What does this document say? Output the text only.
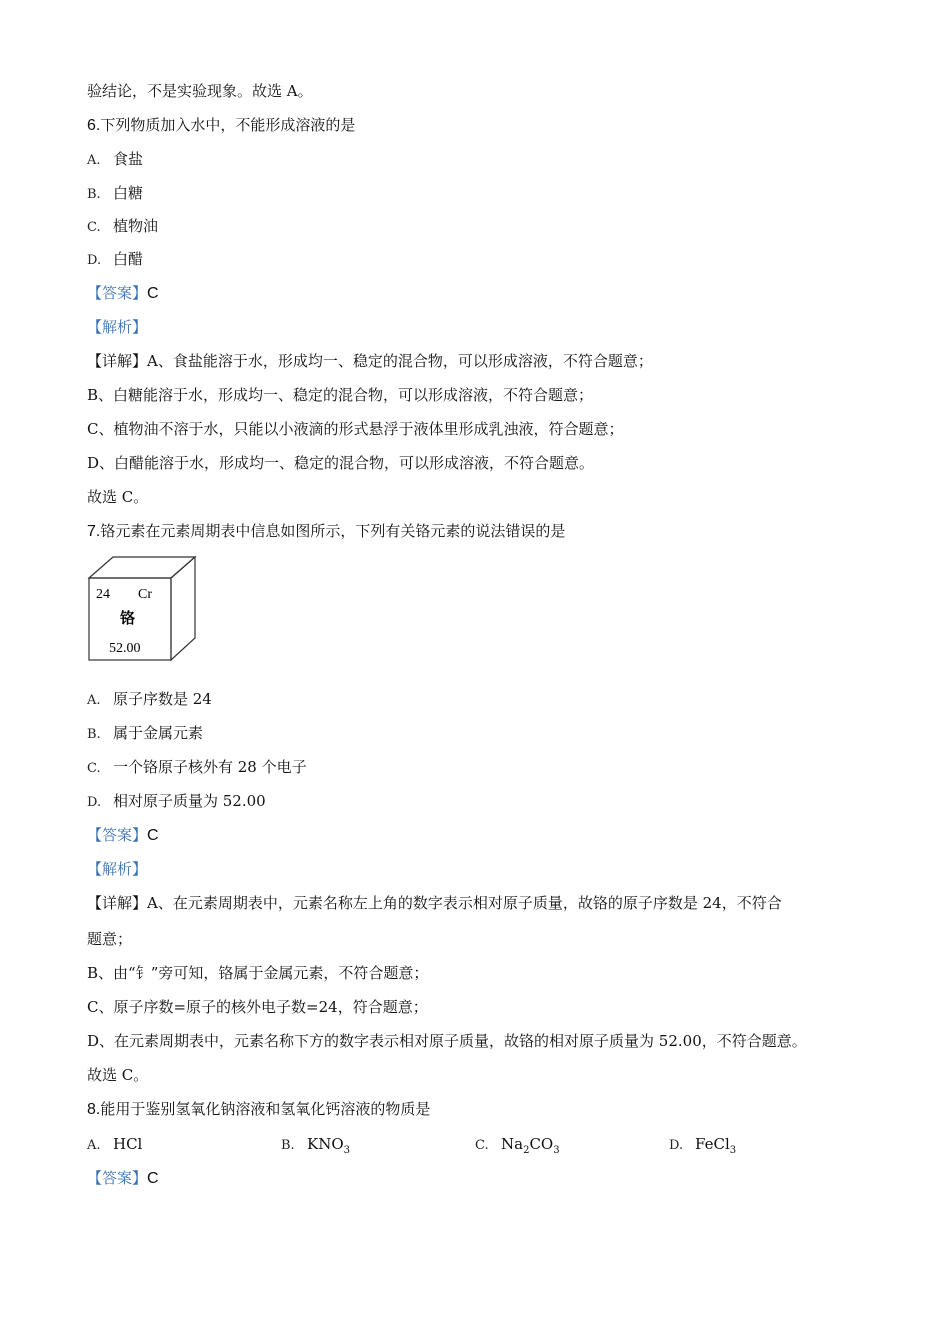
验结论，不是实验现象。故选 A。
6.下列物质加入水中，不能形成溶液的是
A. 食盐
B. 白糖
C. 植物油
D. 白醋
【答案】C
【解析】
【详解】A、食盐能溶于水，形成均一、稳定的混合物，可以形成溶液，不符合题意；
B、白糖能溶于水，形成均一、稳定的混合物，可以形成溶液，不符合题意；
C、植物油不溶于水，只能以小液滴的形式悬浮于液体里形成乳浊液，符合题意；
D、白醋能溶于水，形成均一、稳定的混合物，可以形成溶液，不符合题意。
故选 C。
7.铬元素在元素周期表中信息如图所示，下列有关铬元素的说法错误的是
24 Cr
铬
52.00
A. 原子序数是 24
B. 属于金属元素
C. 一个铬原子核外有 28 个电子
D. 相对原子质量为 52.00
【答案】C
【解析】
【详解】A、在元素周期表中，元素名称左上角的数字表示相对原子质量，故铬的原子序数是 24，不符合
题意；
B、由“钅”旁可知，铬属于金属元素，不符合题意；
C、原子序数=原子的核外电子数=24，符合题意；
D、在元素周期表中，元素名称下方的数字表示相对原子质量，故铬的相对原子质量为 52.00，不符合题意。
故选 C。
8.能用于鉴别氢氧化钠溶液和氢氧化钙溶液的物质是
A. HCl	B. $KNO_3$	C. $Na_2CO_3$	D. FeCl$_3$
【答案】C
